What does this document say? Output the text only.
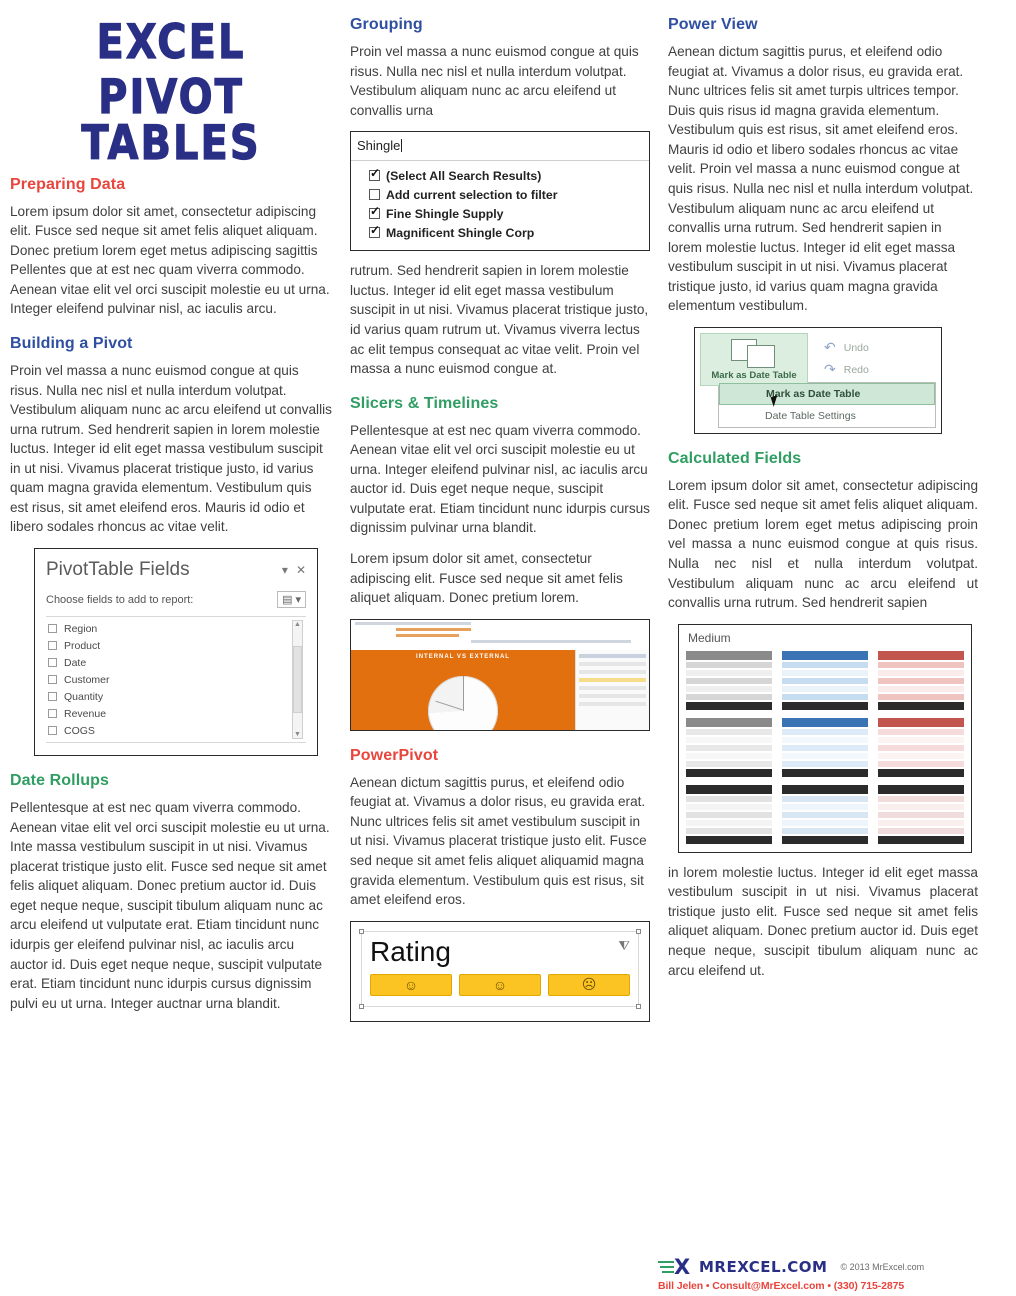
EXCEL
PIVOT TABLES
Preparing Data

Lorem ipsum dolor sit amet, consectetur adipiscing elit. Fusce sed neque sit amet felis aliquet aliquam. Donec pretium lorem eget metus adipiscing sagittis Pellentes que at est nec quam viverra commodo. Aenean vitae elit vel orci suscipit molestie eu ut urna. Integer eleifend pulvinar nisl, ac iaculis arcu.

Building a Pivot

Proin vel massa a nunc euismod congue at quis risus. Nulla nec nisl et nulla interdum volutpat. Vestibulum aliquam nunc ac arcu eleifend ut convallis urna rutrum. Sed hendrerit sapien in lorem molestie luctus. Integer id elit eget massa vestibulum suscipit in ut nisi. Vivamus placerat tristique justo, id varius quam magna gravida elementum. Vestibulum quis est risus, sit amet eleifend eros. Mauris id odio et libero sodales rhoncus ac vitae velit.

PivotTable Fields	▾ ✕
Choose fields to add to report:	▤ ▾
Region
Product
Date
Customer
Quantity
Revenue
COGS
▲
▼
Date Rollups

Pellentesque at est nec quam viverra commodo. Aenean vitae elit vel orci suscipit molestie eu ut urna. Inte massa vestibulum suscipit in ut nisi. Vivamus placerat tristique justo elit. Fusce sed neque sit amet felis aliquet aliquam. Donec pretium auctor id. Duis eget neque neque, suscipit tibulum aliquam nunc ac arcu eleifend ut vulputate erat. Etiam tincidunt nunc idurpis ger eleifend pulvinar nisl, ac iaculis arcu auctor id. Duis eget neque neque, suscipit vulputate erat. Etiam tincidunt nunc idurpis cursus dignissim pulvi eu ut urna. Integer auctnar urna blandit.

Grouping

Proin vel massa a nunc euismod congue at quis risus. Nulla nec nisl et nulla interdum volutpat. Vestibulum aliquam nunc ac arcu eleifend ut convallis urna

Shingle
✓
(Select All Search Results)
Add current selection to filter
✓
Fine Shingle Supply
✓
Magnificent Shingle Corp

rutrum. Sed hendrerit sapien in lorem molestie luctus. Integer id elit eget massa vestibulum suscipit in ut nisi. Vivamus placerat tristique justo, id varius quam rutrum ut. Vivamus viverra lectus ac elit tempus consequat ac vitae velit. Proin vel massa a nunc euismod congue at.

Slicers & Timelines

Pellentesque at est nec quam viverra commodo. Aenean vitae elit vel orci suscipit molestie eu ut urna. Integer eleifend pulvinar nisl, ac iaculis arcu auctor id. Duis eget neque neque, suscipit vulputate erat. Etiam tincidunt nunc idurpis cursus dignissim pulvinar urna blandit.

Lorem ipsum dolor sit amet, consectetur adipiscing elit. Fusce sed neque sit amet felis aliquet aliquam. Donec pretium lorem.

INTERNAL VS EXTERNAL
PowerPivot

Aenean dictum sagittis purus, et eleifend odio feugiat at. Vivamus a dolor risus, eu gravida erat. Nunc ultrices felis sit amet vestibulum suscipit in ut nisi. Vivamus placerat tristique justo elit. Fusce sed neque sit amet felis aliquet aliquamid magna gravida elementum. Vestibulum quis est risus, sit amet eleifend eros.

Rating	⧨
☺	☺	☹
Power View

Aenean dictum sagittis purus, et eleifend odio feugiat at. Vivamus a dolor risus, eu gravida erat. Nunc ultrices felis sit amet turpis ultrices tempor. Duis quis risus id magna gravida elementum. Vestibulum quis est risus, sit amet eleifend eros. Mauris id odio et libero sodales rhoncus ac vitae velit. Proin vel massa a nunc euismod congue at quis risus. Nulla nec nisl et nulla interdum volutpat. Vestibulum aliquam nunc ac arcu eleifend ut convallis urna rutrum. Sed hendrerit sapien in lorem molestie luctus. Integer id elit eget massa vestibulum suscipit in ut nisi. Vivamus placerat tristique justo, id varius quam magna gravida elementum vestibulum.

Mark as Date Table
↶ Undo
↷ Redo
Mark as Date Table
Date Table Settings
Calculated Fields

Lorem ipsum dolor sit amet, consectetur adipiscing elit. Fusce sed neque sit amet felis aliquet aliquam. Donec pretium lorem eget metus adipiscing proin vel massa a nunc euismod congue at quis risus. Nulla nec nisl et nulla interdum volutpat. Vestibulum aliquam nunc ac arcu eleifend ut convallis urna rutrum. Sed hendrerit sapien

Medium

in lorem molestie luctus. Integer id elit eget massa vestibulum suscipit in ut nisi. Vivamus placerat tristique justo elit. Fusce sed neque sit amet felis aliquet aliquam. Donec pretium auctor id. Duis eget neque neque, suscipit tibulum aliquam nunc ac arcu eleifend ut.

X MREXCEL.COM © 2013 MrExcel.com
Bill Jelen • Consult@MrExcel.com • (330) 715-2875
